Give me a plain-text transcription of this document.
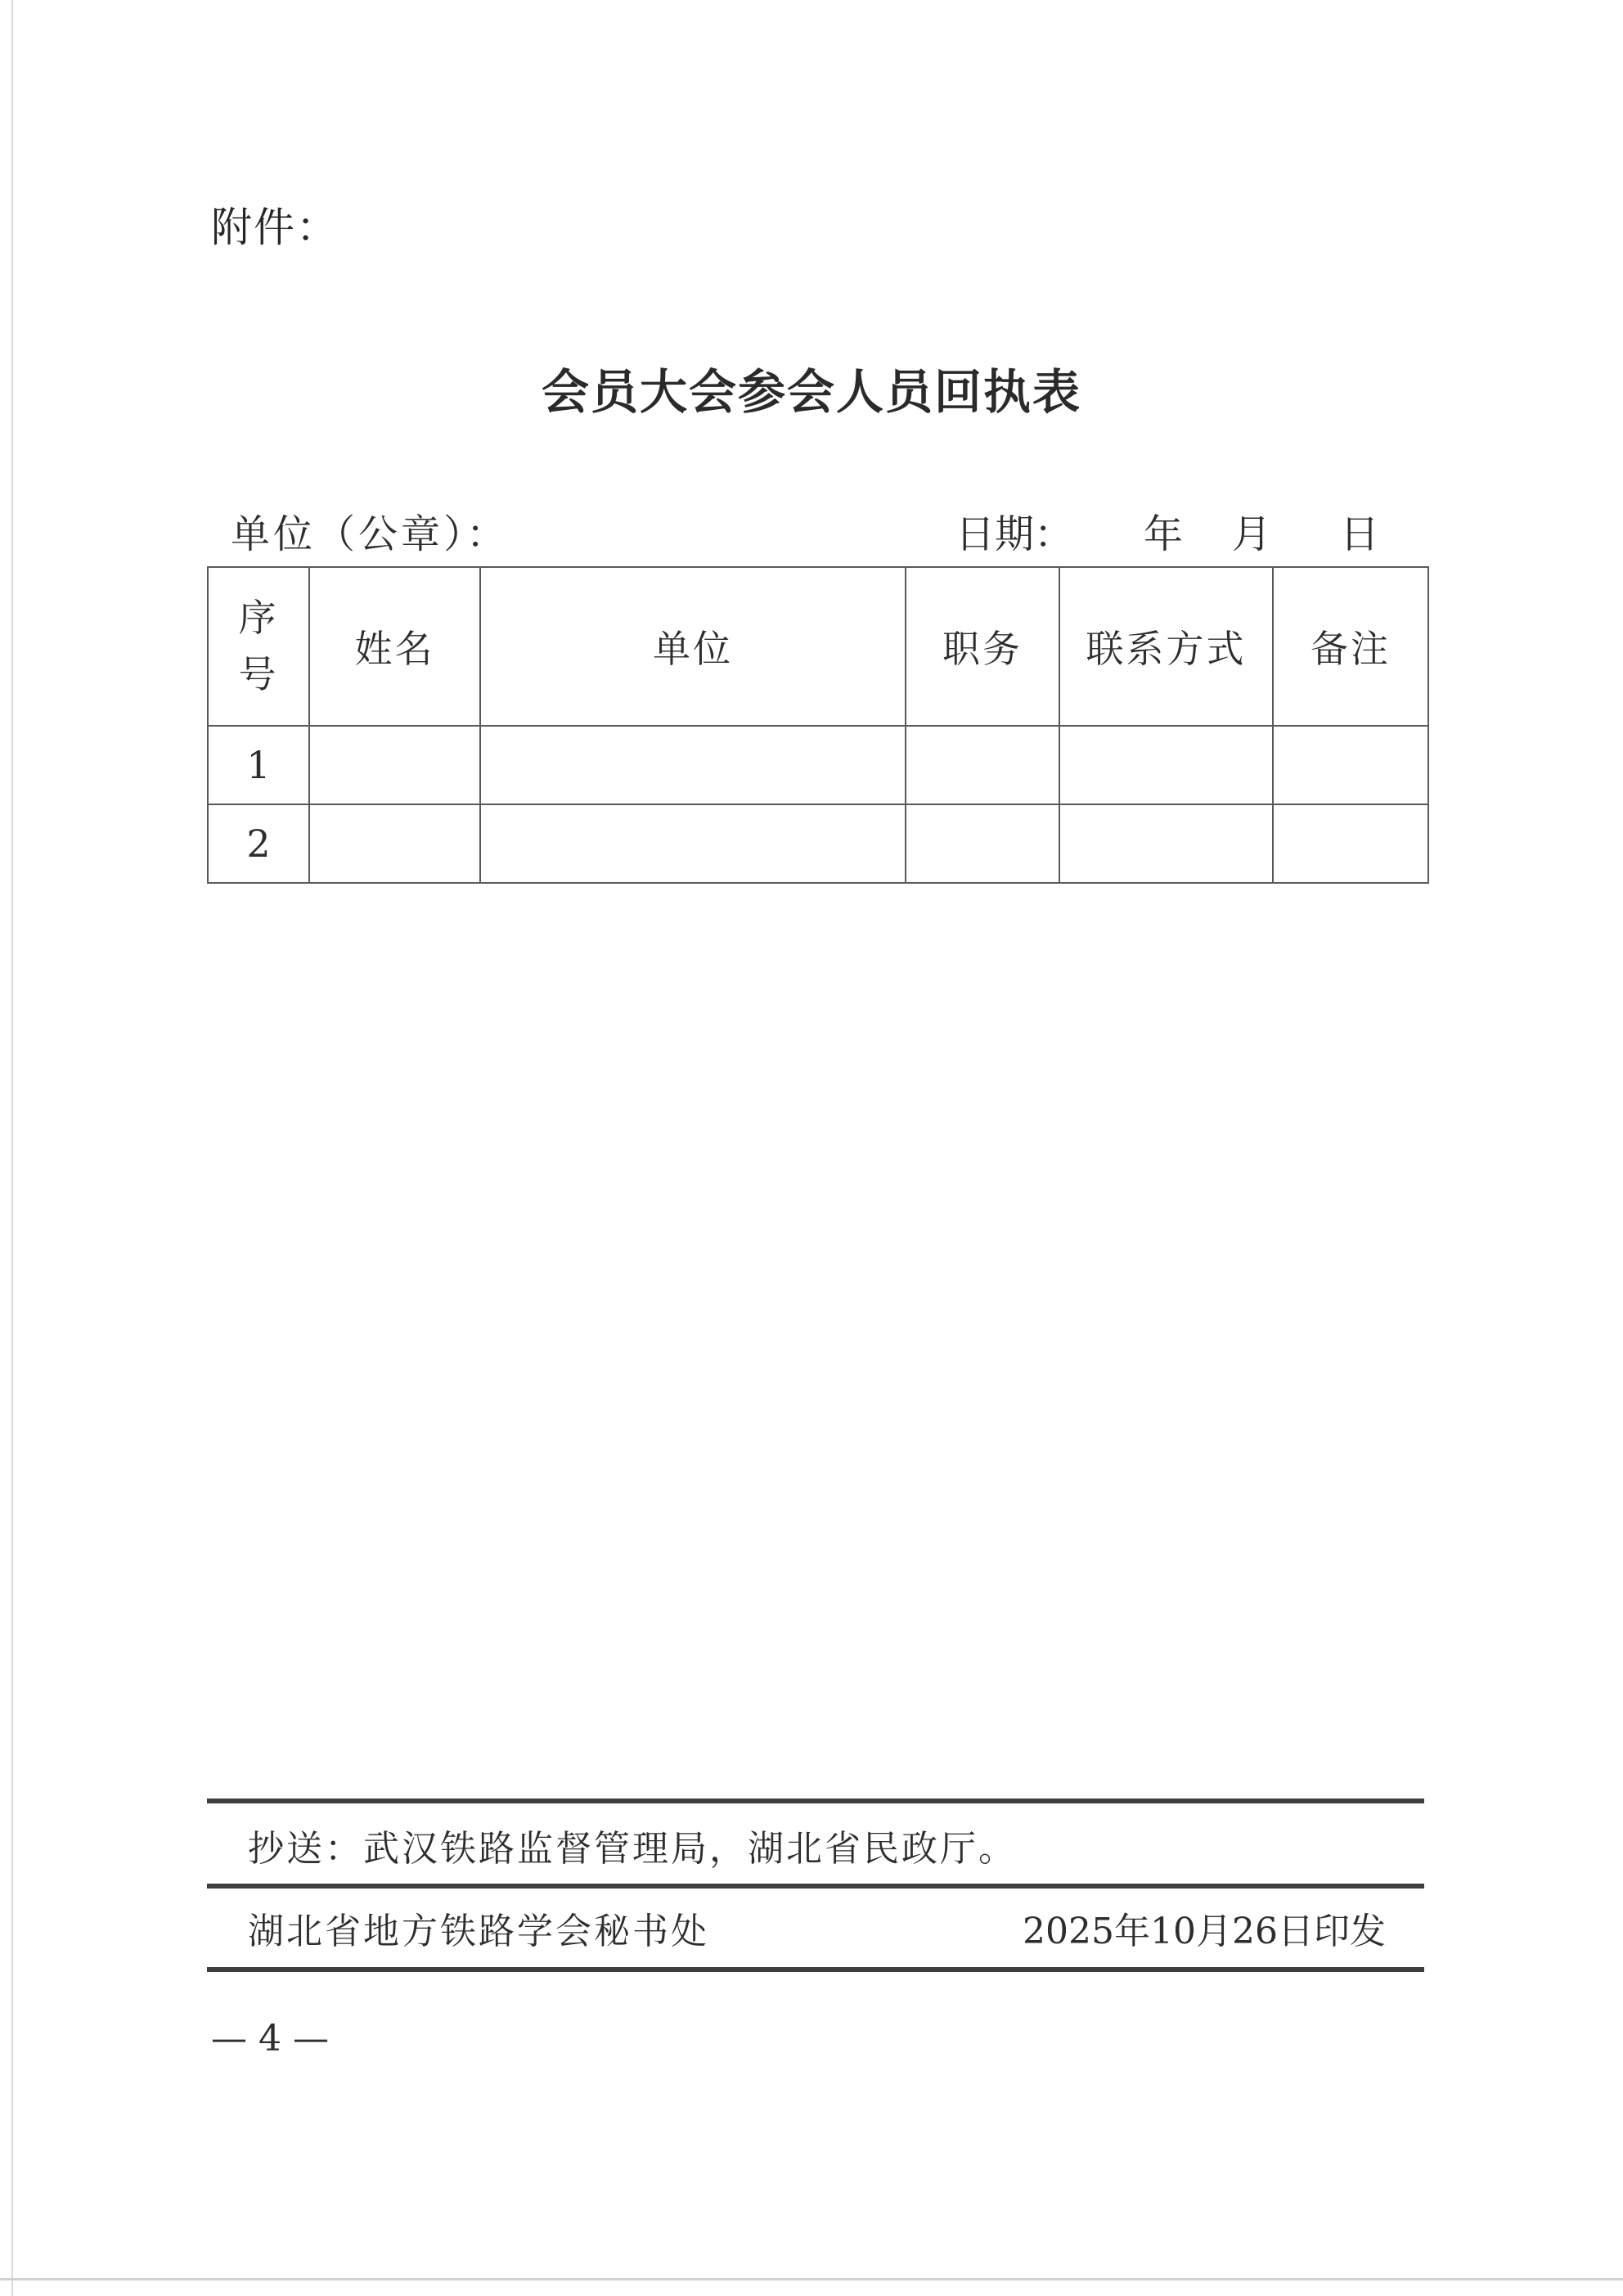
附件：
会员大会参会人员回执表
单位（公章）：	日期： 年 月 日
序
号	姓名	单位	职务	联系方式	备注
1					
2					
抄送：武汉铁路监督管理局，湖北省民政厅。
湖北省地方铁路学会秘书处	2025年10月26日印发
— 4 —
